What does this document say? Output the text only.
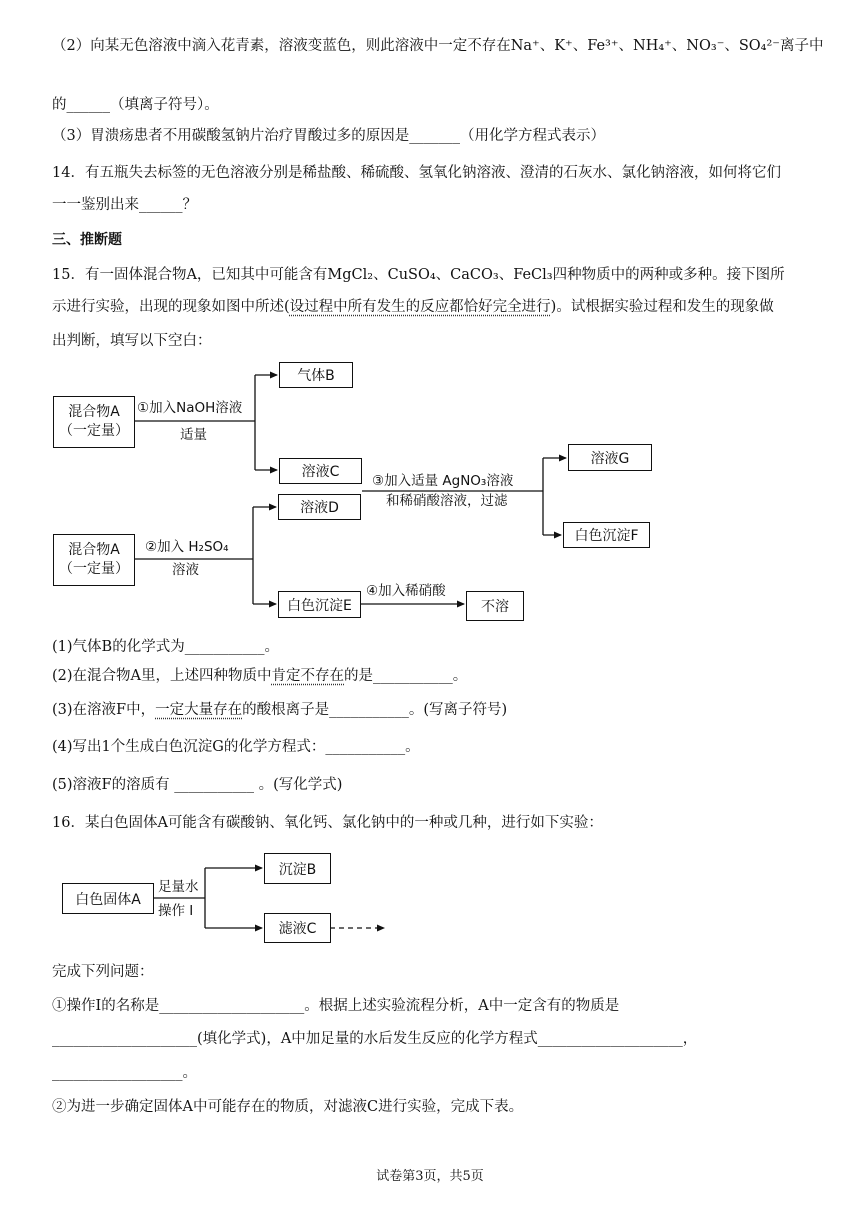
（2）向某无色溶液中滴入花青素，溶液变蓝色，则此溶液中一定不存在Na⁺、K⁺、Fe³⁺、NH₄⁺、NO₃⁻、SO₄²⁻离子中
的______（填离子符号）。
（3）胃溃疡患者不用碳酸氢钠片治疗胃酸过多的原因是_______（用化学方程式表示）
14．有五瓶失去标签的无色溶液分别是稀盐酸、稀硫酸、氢氧化钠溶液、澄清的石灰水、氯化钠溶液，如何将它们
一一鉴别出来______？
三、推断题
15．有一固体混合物A，已知其中可能含有MgCl₂、CuSO₄、CaCO₃、FeCl₃四种物质中的两种或多种。接下图所
示进行实验，出现的现象如图中所述(设过程中所有发生的反应都恰好完全进行)。试根据实验过程和发生的现象做
出判断，填写以下空白：
混合物A
（一定量）
①加入NaOH溶液
适量
气体B
溶液C
③加入适量 AgNO₃溶液
和稀硝酸溶液，过滤
溶液G
白色沉淀F
溶液D
混合物A
（一定量）
②加入 H₂SO₄
溶液
白色沉淀E
④加入稀硝酸
不溶
(1)气体B的化学式为___________。
(2)在混合物A里，上述四种物质中肯定不存在的是___________。
(3)在溶液F中，一定大量存在的酸根离子是___________。(写离子符号)
(4)写出1个生成白色沉淀G的化学方程式：___________。
(5)溶液F的溶质有 ___________ 。(写化学式)
16．某白色固体A可能含有碳酸钠、氧化钙、氯化钠中的一种或几种，进行如下实验：
白色固体A
足量水
操作 I
沉淀B
滤液C
完成下列问题：
①操作I的名称是____________________。根据上述实验流程分析，A中一定含有的物质是
____________________(填化学式)，A中加足量的水后发生反应的化学方程式____________________，
__________________。
②为进一步确定固体A中可能存在的物质，对滤液C进行实验，完成下表。
试卷第3页，共5页
